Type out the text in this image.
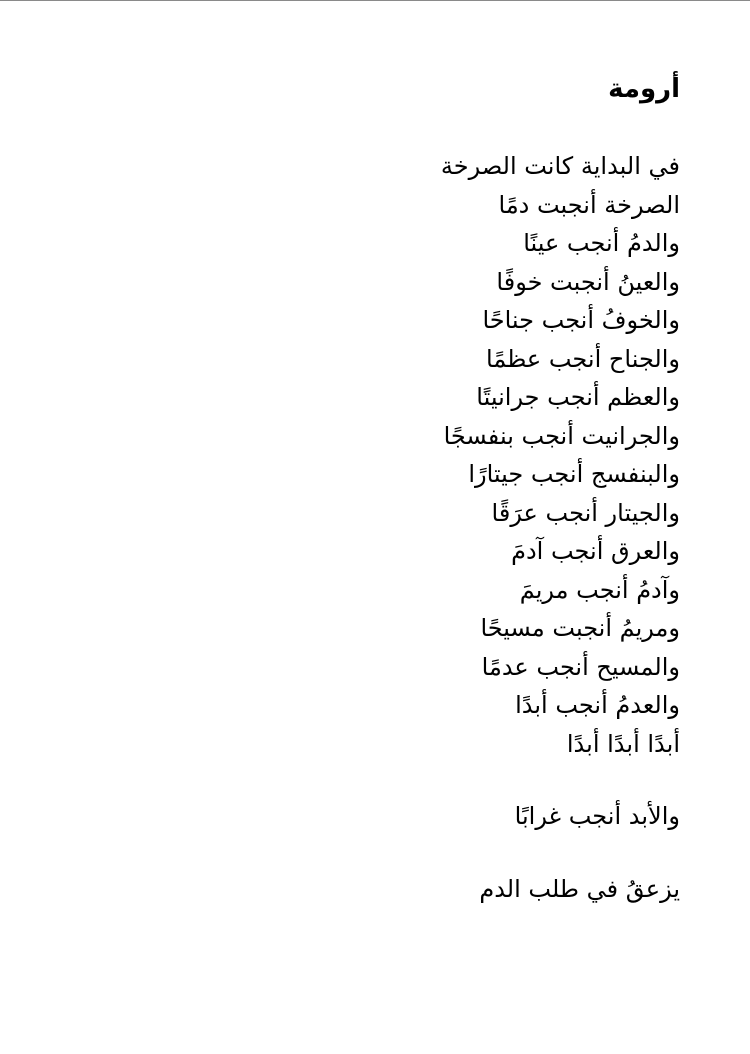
أرومة
في البداية كانت الصرخة
الصرخة أنجبت دمًا
والدمُ أنجب عينًا
والعينُ أنجبت خوفًا
والخوفُ أنجب جناحًا
والجناح أنجب عظمًا
والعظم أنجب جرانيتًا
والجرانيت أنجب بنفسجًا
والبنفسج أنجب جيتارًا
والجيتار أنجب عرَقًا
والعرق أنجب آدمَ
وآدمُ أنجب مريمَ
ومريمُ أنجبت مسيحًا
والمسيح أنجب عدمًا
والعدمُ أنجب أبدًا
أبدًا أبدًا أبدًا
والأبد أنجب غرابًا
يزعقُ في طلب الدم
